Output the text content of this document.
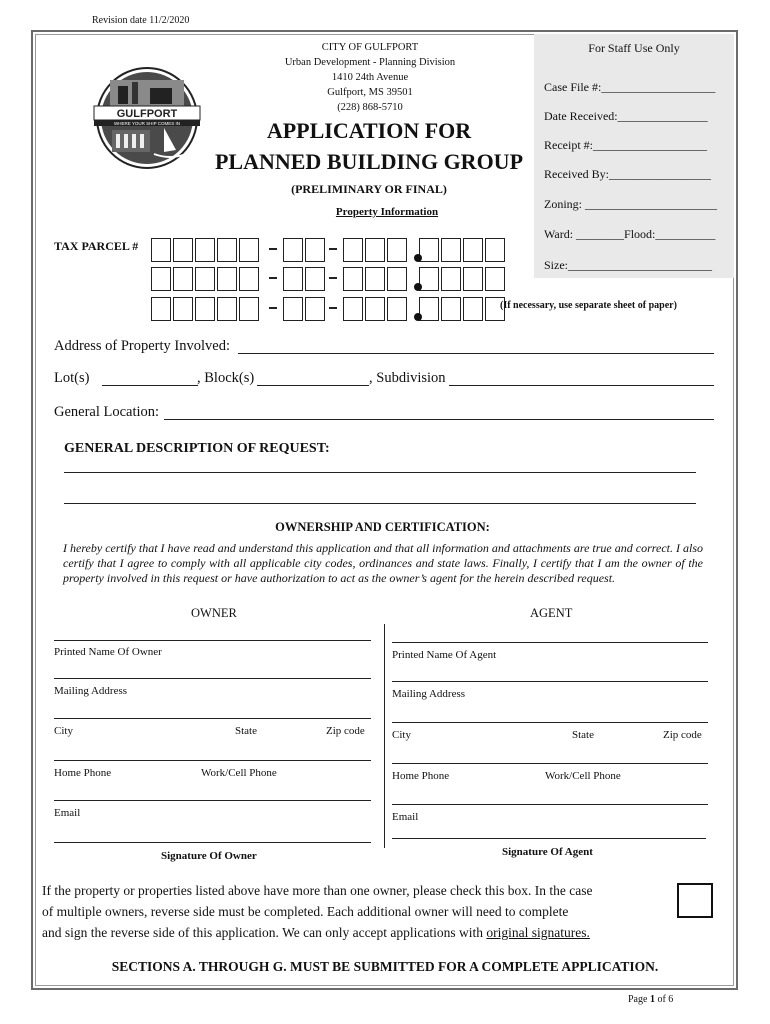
Revision date 11/2/2020
For Staff Use Only
Case File #:___________________
Date Received:_______________
Receipt #:___________________
Received By:_________________
Zoning: ______________________
Ward: ________Flood:__________
Size:________________________
GULFPORT
WHERE YOUR SHIP COMES IN
CITY OF GULFPORT
Urban Development - Planning Division
1410 24th Avenue
Gulfport, MS 39501
(228) 868-5710
APPLICATION FOR
PLANNED BUILDING GROUP
(PRELIMINARY OR FINAL)
Property Information
TAX PARCEL #
(If necessary, use separate sheet of paper)
Address of Property Involved:
Lot(s)	, Block(s)	, Subdivision
General Location:
GENERAL DESCRIPTION OF REQUEST:
OWNERSHIP AND CERTIFICATION:
I hereby certify that I have read and understand this application and that all information and attachments are true and correct. I also certify that I agree to comply with all applicable city codes, ordinances and state laws. Finally, I certify that I am the owner of the property involved in this request or have authorization to act as the owner’s agent for the herein described request.
OWNER	AGENT
Printed Name Of Owner
Mailing Address
City	State	Zip code
Home Phone	Work/Cell Phone
Email
Signature Of Owner
Printed Name Of Agent
Mailing Address
City	State	Zip code
Home Phone	Work/Cell Phone
Email
Signature Of Agent
If the property or properties listed above have more than one owner, please check this box. In the case
of multiple owners, reverse side must be completed. Each additional owner will need to complete
and sign the reverse side of this application. We can only accept applications with original signatures.
SECTIONS A. THROUGH G. MUST BE SUBMITTED FOR A COMPLETE APPLICATION.
Page 1 of 6
